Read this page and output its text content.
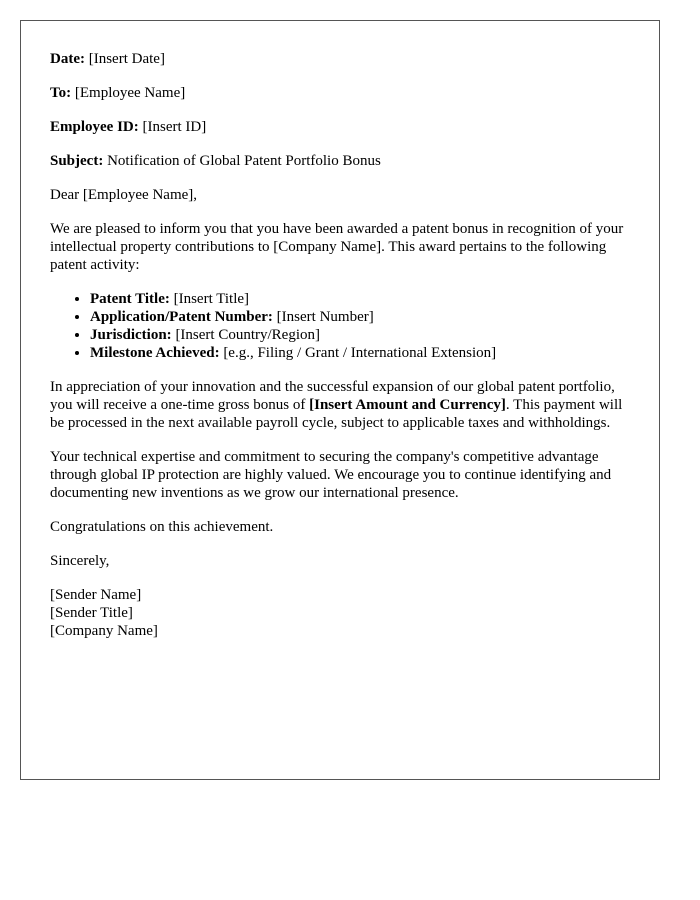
Date: [Insert Date]

To: [Employee Name]

Employee ID: [Insert ID]

Subject: Notification of Global Patent Portfolio Bonus

Dear [Employee Name],

We are pleased to inform you that you have been awarded a patent bonus in recognition of your intellectual property contributions to [Company Name]. This award pertains to the following patent activity:

• Patent Title: [Insert Title]
• Application/Patent Number: [Insert Number]
• Jurisdiction: [Insert Country/Region]
• Milestone Achieved: [e.g., Filing / Grant / International Extension]

In appreciation of your innovation and the successful expansion of our global patent portfolio, you will receive a one-time gross bonus of [Insert Amount and Currency]. This payment will be processed in the next available payroll cycle, subject to applicable taxes and withholdings.

Your technical expertise and commitment to securing the company's competitive advantage through global IP protection are highly valued. We encourage you to continue identifying and documenting new inventions as we grow our international presence.

Congratulations on this achievement.

Sincerely,

[Sender Name]

[Sender Title]

[Company Name]
